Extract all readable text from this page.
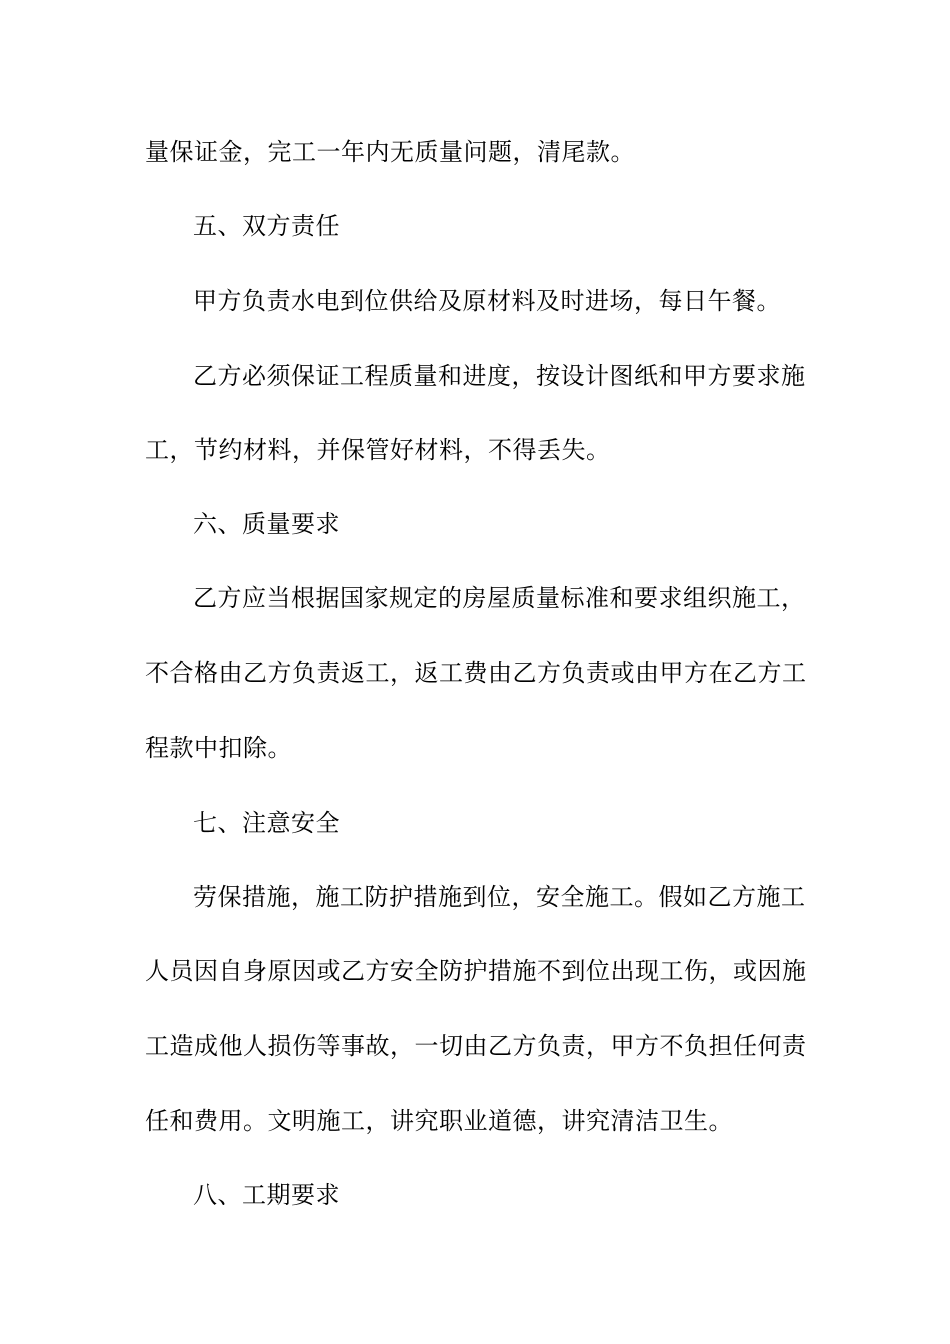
量保证金，完工一年内无质量问题，清尾款。
五、双方责任
甲方负责水电到位供给及原材料及时进场，每日午餐。
乙方必须保证工程质量和进度，按设计图纸和甲方要求施
工，节约材料，并保管好材料，不得丢失。
六、质量要求
乙方应当根据国家规定的房屋质量标准和要求组织施工，
不合格由乙方负责返工，返工费由乙方负责或由甲方在乙方工
程款中扣除。
七、注意安全
劳保措施，施工防护措施到位，安全施工。假如乙方施工
人员因自身原因或乙方安全防护措施不到位出现工伤，或因施
工造成他人损伤等事故，一切由乙方负责，甲方不负担任何责
任和费用。文明施工，讲究职业道德，讲究清洁卫生。
八、工期要求
